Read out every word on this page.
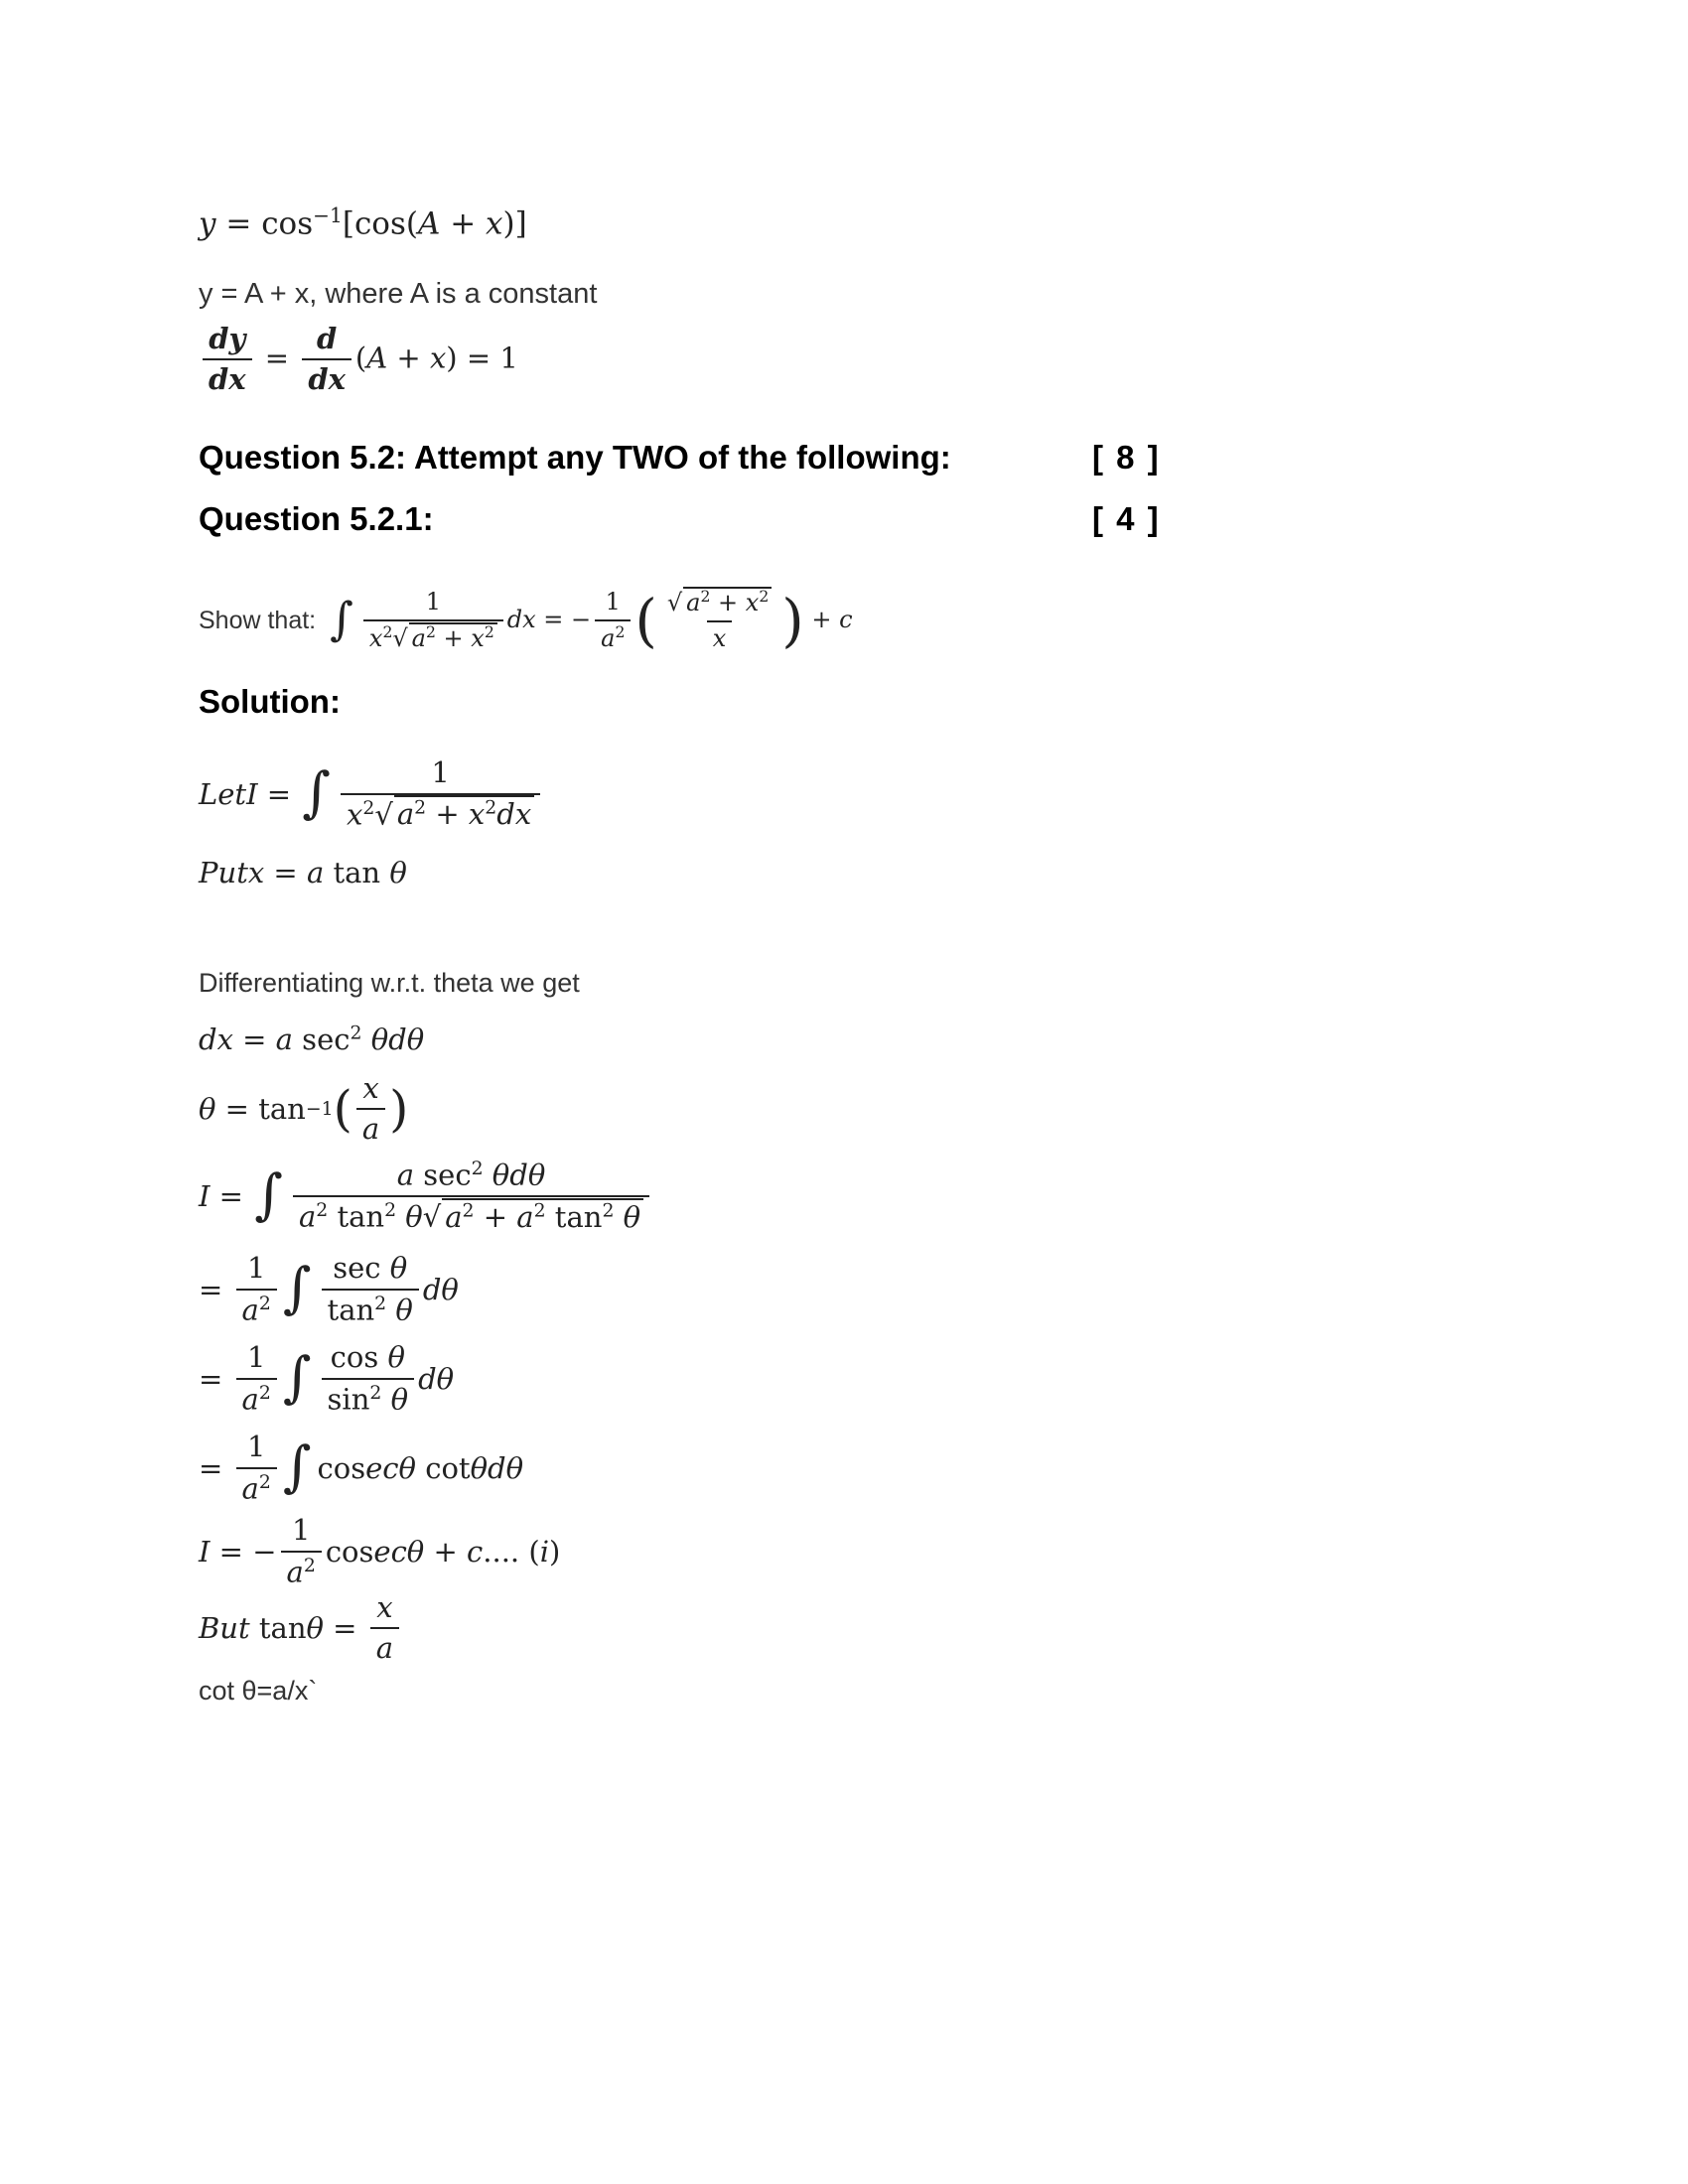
$y = \cos^{-1}[\cos(A + x)]$
y = A + x, where A is a constant
$\frac{dy}{dx} = \frac{d}{dx} (A + x) = 1$
Question 5.2: Attempt any TWO of the following:	[ 8 ]
Question 5.2.1:	[ 4 ]
Show that: ∫ $\frac{1}{x^2√ a^2 + x^2}$ dx = − $\frac{1}{a^2}$ ( $\frac{√ a^2 + x^2}{x}$ ) + c
Solution:
LetI = ∫ $\frac{1}{x^2√ a^2 + x^2dx}$
Putx = a tan θ
Differentiating w.r.t. theta we get
dx = a $\sec^2 \theta d\theta$
θ = tan −1 ( $\frac{x}{a}$ )
I = ∫ $\frac{a \sec^2 \theta d\theta}{a^2 \tan^2 \theta√ a^2 + a^2 \tan^2 \theta}$
= $\frac{1}{a^2}$ ∫ $\frac{\text{sec θ}}{\tan^2 \theta}$ dθ
= $\frac{1}{a^2}$ ∫ $\frac{\text{cos θ}}{\sin^2 \theta}$ dθ
= $\frac{1}{a^2}$ ∫ cos ecθ cot θdθ
I = − $\frac{1}{a^2}$ cos ecθ + c .... ( i )
But $\tan \theta = \frac{x}{a}$
cot θ=a/x`
